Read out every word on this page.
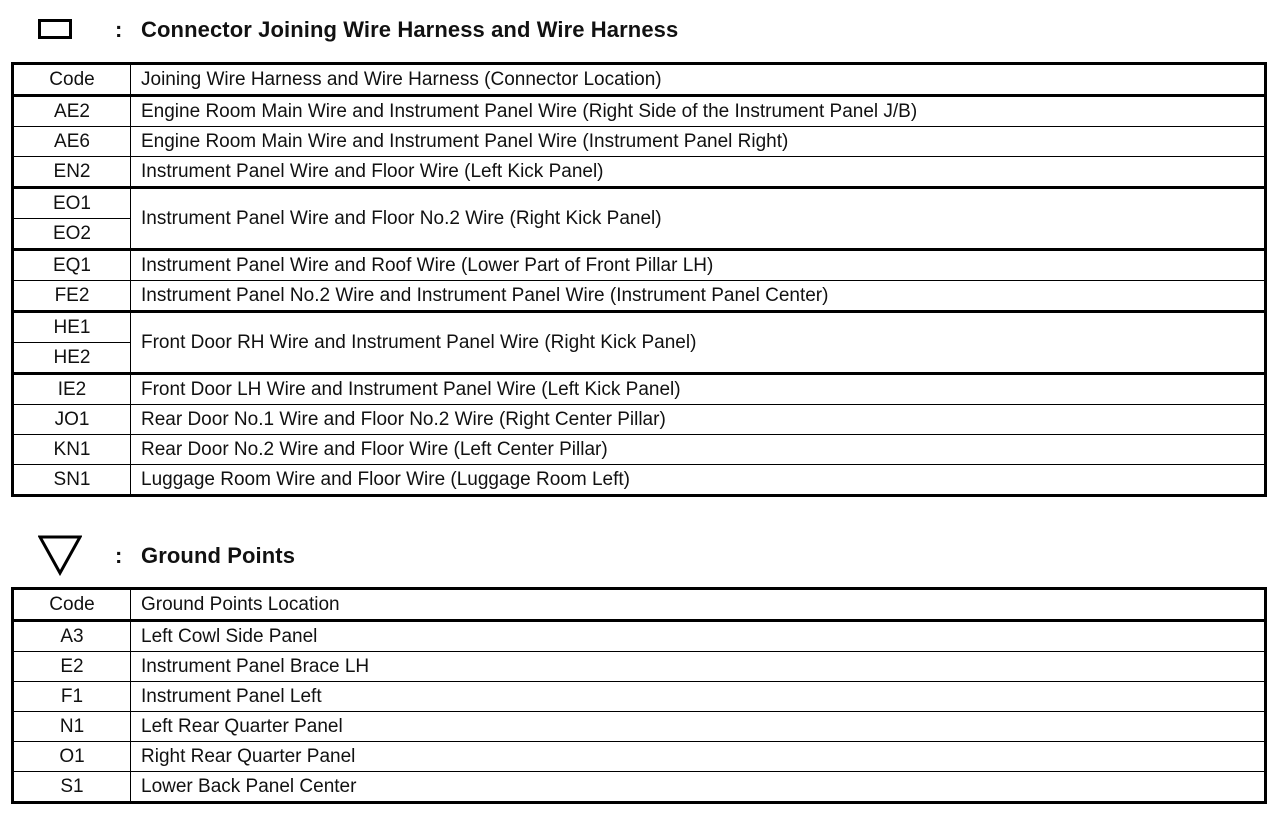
: Connector Joining Wire Harness and Wire Harness
Code	Joining Wire Harness and Wire Harness (Connector Location)
AE2	Engine Room Main Wire and Instrument Panel Wire (Right Side of the Instrument Panel J/B)
AE6	Engine Room Main Wire and Instrument Panel Wire (Instrument Panel Right)
EN2	Instrument Panel Wire and Floor Wire (Left Kick Panel)
EO1	Instrument Panel Wire and Floor No.2 Wire (Right Kick Panel)
EO2	
EQ1	Instrument Panel Wire and Roof Wire (Lower Part of Front Pillar LH)
FE2	Instrument Panel No.2 Wire and Instrument Panel Wire (Instrument Panel Center)
HE1	Front Door RH Wire and Instrument Panel Wire (Right Kick Panel)
HE2	
IE2	Front Door LH Wire and Instrument Panel Wire (Left Kick Panel)
JO1	Rear Door No.1 Wire and Floor No.2 Wire (Right Center Pillar)
KN1	Rear Door No.2 Wire and Floor Wire (Left Center Pillar)
SN1	Luggage Room Wire and Floor Wire (Luggage Room Left)
: Ground Points
Code	Ground Points Location
A3	Left Cowl Side Panel
E2	Instrument Panel Brace LH
F1	Instrument Panel Left
N1	Left Rear Quarter Panel
O1	Right Rear Quarter Panel
S1	Lower Back Panel Center
